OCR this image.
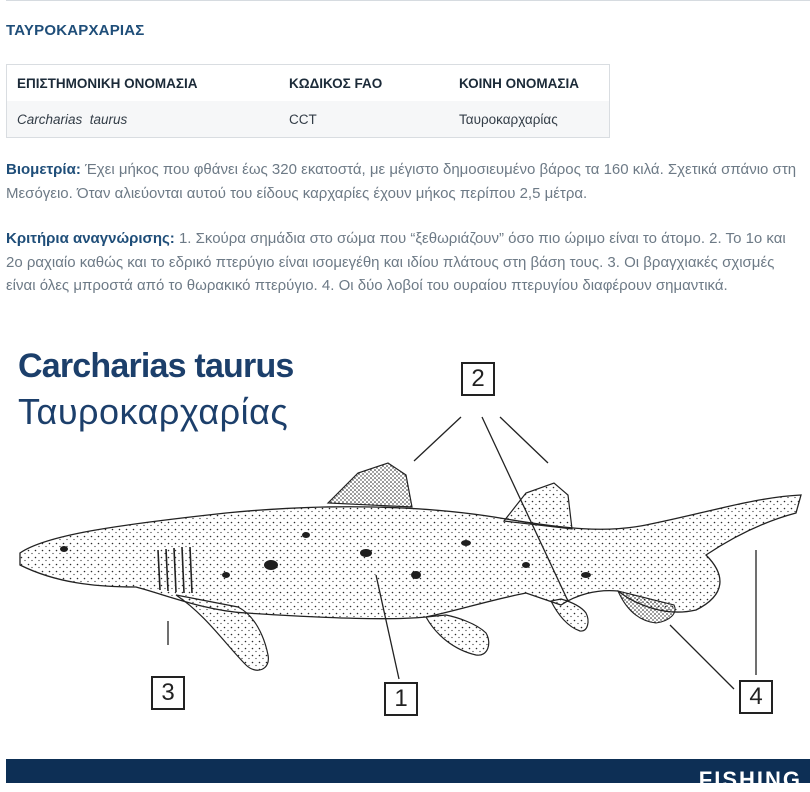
ΤΑΥΡΟΚΑΡΧΑΡΙΑΣ
ΕΠΙΣΤΗΜΟΝΙΚΗ ΟΝΟΜΑΣΙΑ	ΚΩΔΙΚΟΣ FAO	ΚΟΙΝΗ ΟΝΟΜΑΣΙΑ
Carcharias  taurus	CCT	Ταυροκαρχαρίας

Βιομετρία: Έχει μήκος που φθάνει έως 320 εκατοστά, με μέγιστο δημοσιευμένο βάρος τα 160 κιλά. Σχετικά σπάνιο στη Μεσόγειο. Όταν αλιεύονται αυτού του είδους καρχαρίες έχουν μήκος περίπου 2,5 μέτρα.

Κριτήρια αναγνώρισης: 1. Σκούρα σημάδια στο σώμα που “ξεθωριάζουν” όσο πιο ώριμο είναι το άτομο. 2. Το 1ο και 2ο ραχιαίο καθώς και το εδρικό πτερύγιο είναι ισομεγέθη και ιδίου πλάτους στη βάση τους. 3. Οι βραγχιακές σχισμές είναι όλες μπροστά από το θωρακικό πτερύγιο. 4. Οι δύο λοβοί του ουραίου πτερυγίου διαφέρουν σημαντικά.

Carcharias taurus
Ταυροκαρχαρίας
2
3	1	4
FISHING
